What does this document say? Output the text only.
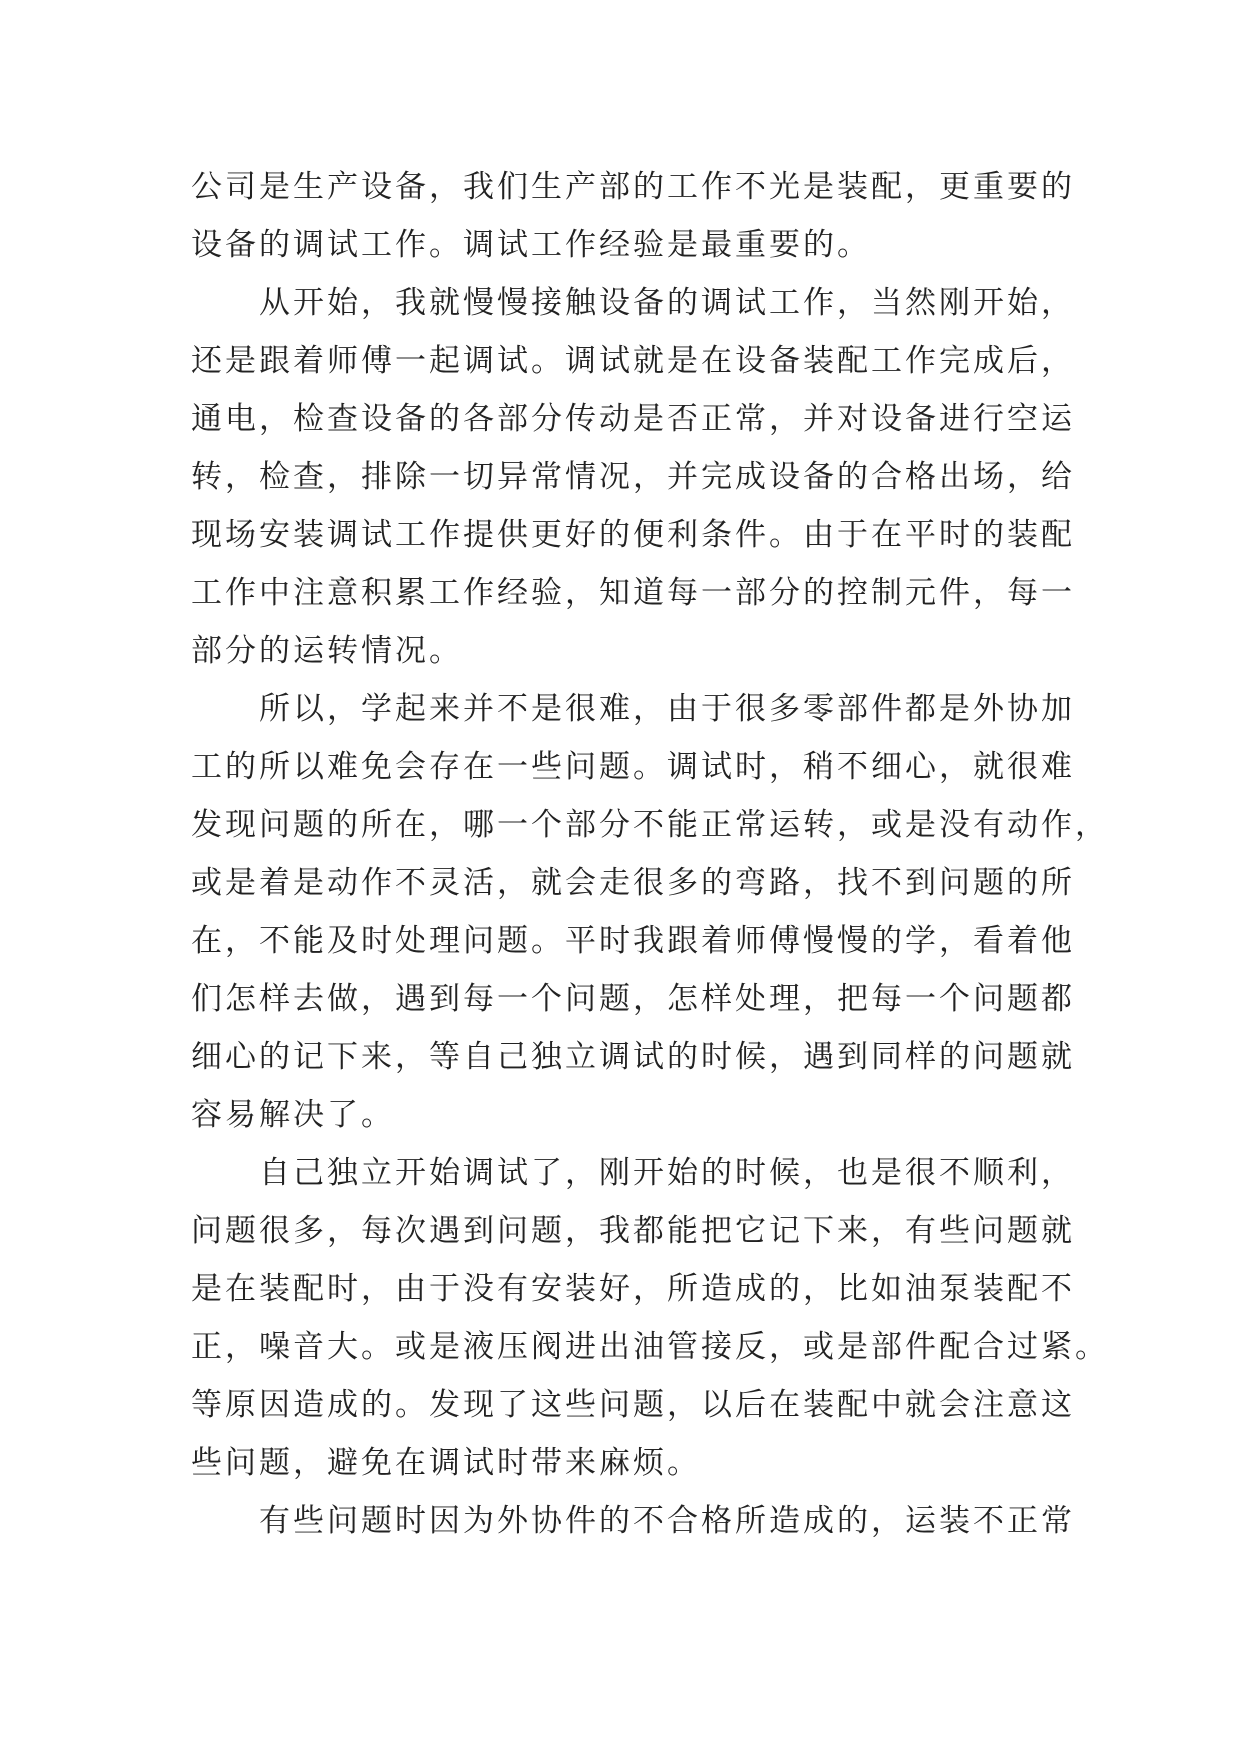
公司是生产设备，我们生产部的工作不光是装配，更重要的
设备的调试工作。调试工作经验是最重要的。
从开始，我就慢慢接触设备的调试工作，当然刚开始，
还是跟着师傅一起调试。调试就是在设备装配工作完成后，
通电，检查设备的各部分传动是否正常，并对设备进行空运
转，检查，排除一切异常情况，并完成设备的合格出场，给
现场安装调试工作提供更好的便利条件。由于在平时的装配
工作中注意积累工作经验，知道每一部分的控制元件，每一
部分的运转情况。
所以，学起来并不是很难，由于很多零部件都是外协加
工的所以难免会存在一些问题。调试时，稍不细心，就很难
发现问题的所在，哪一个部分不能正常运转，或是没有动作，
或是着是动作不灵活，就会走很多的弯路，找不到问题的所
在，不能及时处理问题。平时我跟着师傅慢慢的学，看着他
们怎样去做，遇到每一个问题，怎样处理，把每一个问题都
细心的记下来，等自己独立调试的时候，遇到同样的问题就
容易解决了。
自己独立开始调试了，刚开始的时候，也是很不顺利，
问题很多，每次遇到问题，我都能把它记下来，有些问题就
是在装配时，由于没有安装好，所造成的，比如油泵装配不
正，噪音大。或是液压阀进出油管接反，或是部件配合过紧。
等原因造成的。发现了这些问题，以后在装配中就会注意这
些问题，避免在调试时带来麻烦。
有些问题时因为外协件的不合格所造成的，运装不正常
